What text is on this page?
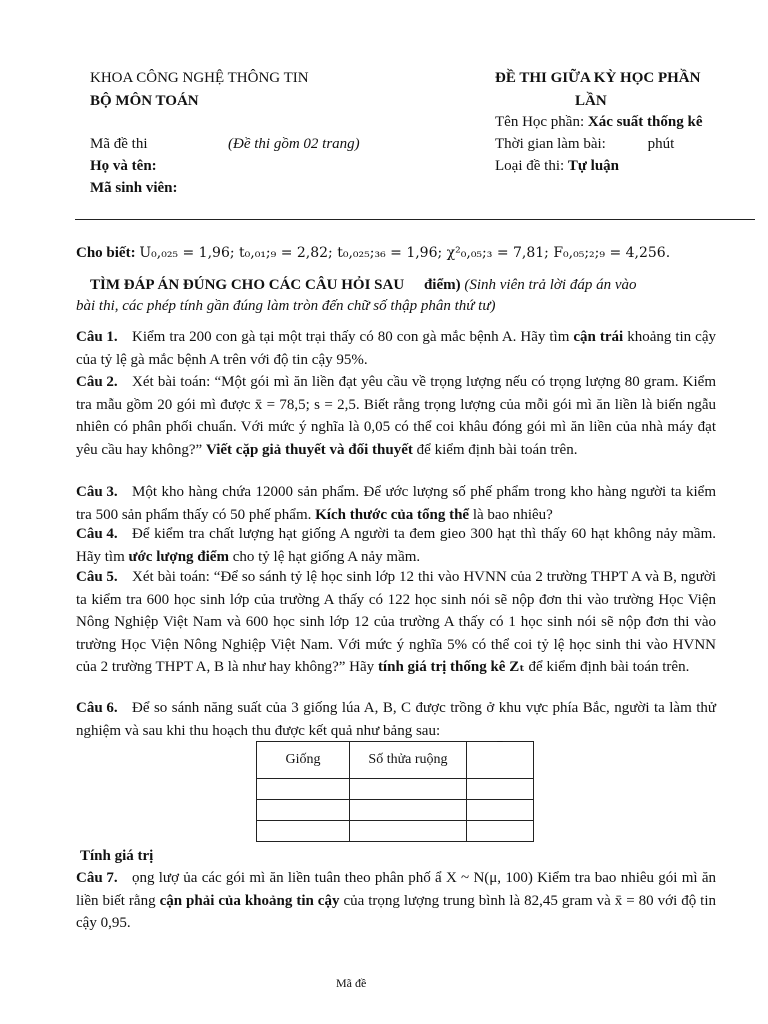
KHOA CÔNG NGHỆ THÔNG TIN
BỘ MÔN TOÁN
ĐỀ THI GIỮA KỲ HỌC PHẦN
LẦN
Tên Học phần: Xác suất thống kê
Mã đề thi	(Đề thi gồm 02 trang)	Thời gian làm bài:	phút
Họ và tên:	Loại đề thi: Tự luận
Mã sinh viên:
Cho biết: U₀,₀₂₅ = 1,96; t₀,₀₁;₉ = 2,82; t₀,₀₂₅;₃₆ = 1,96; χ²₀,₀₅;₃ = 7,81; F₀,₀₅;₂;₉ = 4,256.
TÌM ĐÁP ÁN ĐÚNG CHO CÁC CÂU HỎI SAU điểm) (Sinh viên trả lời đáp án vào
bài thi, các phép tính gần đúng làm tròn đến chữ số thập phân thứ tư)
Câu 1. Kiểm tra 200 con gà tại một trại thấy có 80 con gà mắc bệnh A. Hãy tìm cận trái khoảng tin cậy của tỷ lệ gà mắc bệnh A trên với độ tin cậy 95%.
Câu 2. Xét bài toán: “Một gói mì ăn liền đạt yêu cầu về trọng lượng nếu có trọng lượng 80 gram. Kiểm tra mẫu gồm 20 gói mì được x̄ = 78,5; s = 2,5. Biết rằng trọng lượng của mỗi gói mì ăn liền là biến ngẫu nhiên có phân phối chuẩn. Với mức ý nghĩa là 0,05 có thể coi khâu đóng gói mì ăn liền của nhà máy đạt yêu cầu hay không?” Viết cặp giả thuyết và đối thuyết để kiểm định bài toán trên.
Câu 3. Một kho hàng chứa 12000 sản phẩm. Để ước lượng số phế phẩm trong kho hàng người ta kiểm tra 500 sản phẩm thấy có 50 phế phẩm. Kích thước của tổng thể là bao nhiêu?
Câu 4. Để kiểm tra chất lượng hạt giống A người ta đem gieo 300 hạt thì thấy 60 hạt không nảy mầm. Hãy tìm ước lượng điểm cho tỷ lệ hạt giống A nảy mầm.
Câu 5. Xét bài toán: “Để so sánh tỷ lệ học sinh lớp 12 thi vào HVNN của 2 trường THPT A và B, người ta kiểm tra 600 học sinh lớp của trường A thấy có 122 học sinh nói sẽ nộp đơn thi vào trường Học Viện Nông Nghiệp Việt Nam và 600 học sinh lớp 12 của trường A thấy có 1 học sinh nói sẽ nộp đơn thi vào trường Học Viện Nông Nghiệp Việt Nam. Với mức ý nghĩa 5% có thể coi tỷ lệ học sinh thi vào HVNN của 2 trường THPT A, B là như hay không?” Hãy tính giá trị thống kê Zₜ để kiểm định bài toán trên.
Câu 6. Để so sánh năng suất của 3 giống lúa A, B, C được trồng ở khu vực phía Bắc, người ta làm thử nghiệm và sau khi thu hoạch thu được kết quả như bảng sau:
Giống	Số thửa ruộng	‾

Tính giá trị
Câu 7. ọng lượ ủa các gói mì ăn liền tuân theo phân phố ẩ X ~ N(μ, 100) Kiểm tra bao nhiêu gói mì ăn liền biết rằng cận phải của khoảng tin cậy của trọng lượng trung bình là 82,45 gram và x̄ = 80 với độ tin cậy 0,95.
Mã đề
